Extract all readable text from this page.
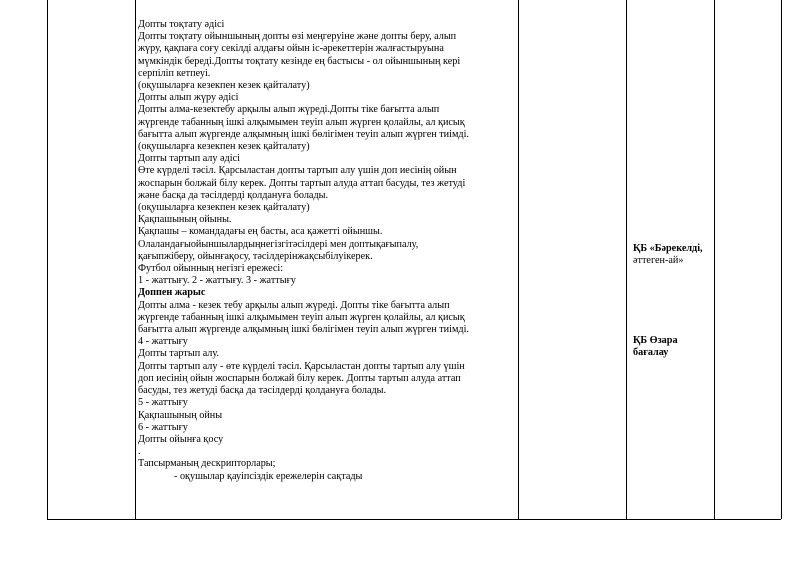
Допты тоқтату әдісі
Допты тоқтату ойыншының допты өзі меңгеруіне және допты беру, алып
жүру, қақпаға соғу секілді алдағы ойын іс-әрекеттерін жалғастыруына
мүмкіндік береді.Допты тоқтату кезінде ең бастысы - ол ойыншының кері
серпіліп кетпеуі.
(оқушыларға кезекпен кезек қайталату)
Допты алып жүру әдісі
Допты алма-кезектебу арқылы алып жүреді.Допты тіке бағытта алып
жүргенде табанның ішкі алқымымен теуіп алып жүрген қолайлы, ал қисық
бағытта алып жүргенде алқымның ішкі бөлігімен теуіп алып жүрген тиімді.
(оқушыларға кезекпен кезек қайталату)
Допты тартып алу әдісі
Өте күрделі тәсіл. Қарсыластан допты тартып алу үшін доп иесінің ойын
жоспарын болжай білу керек. Допты тартып алуда аттап басуды, тез жетуді
және басқа да тәсілдерді қолдануға болады.
(оқушыларға кезекпен кезек қайталату)
Қақпашының ойыны.
Қақпашы – командадағы ең басты, аса қажетті ойыншы.
Олаландағыойыншылардыңнегізгітәсілдері мен доптықағыпалу,
қағыпжіберу, ойынғақосу, тәсілдерінжақсыбілуікерек.
Футбол ойынның негізгі ережесі:
1 - жаттығу. 2 - жаттығу. 3 - жаттығу
Доппен жарыс
Допты алма - кезек тебу арқылы алып жүреді. Допты тіке бағытта алып
жүргенде табанның ішкі алқымымен теуіп алып жүрген қолайлы, ал қисық
бағытта алып жүргенде алқымның ішкі бөлігімен теуіп алып жүрген тиімді.
4 - жаттығу
Допты тартып алу.
Допты тартып алу - өте күрделі тәсіл. Қарсыластан допты тартып алу үшін
доп иесінің ойын жоспарын болжай білу керек. Допты тартып алуда аттап
басуды, тез жетуді басқа да тәсілдерді қолдануға болады.
5 - жаттығу
Қақпашының ойны
6 - жаттығу
Допты ойынға қосу
.
Тапсырманың дескрипторлары;
- оқушылар қауіпсіздік ережелерін сақтады
ҚБ «Бәрекелді,
әттеген-ай»
ҚБ Өзара
бағалау
